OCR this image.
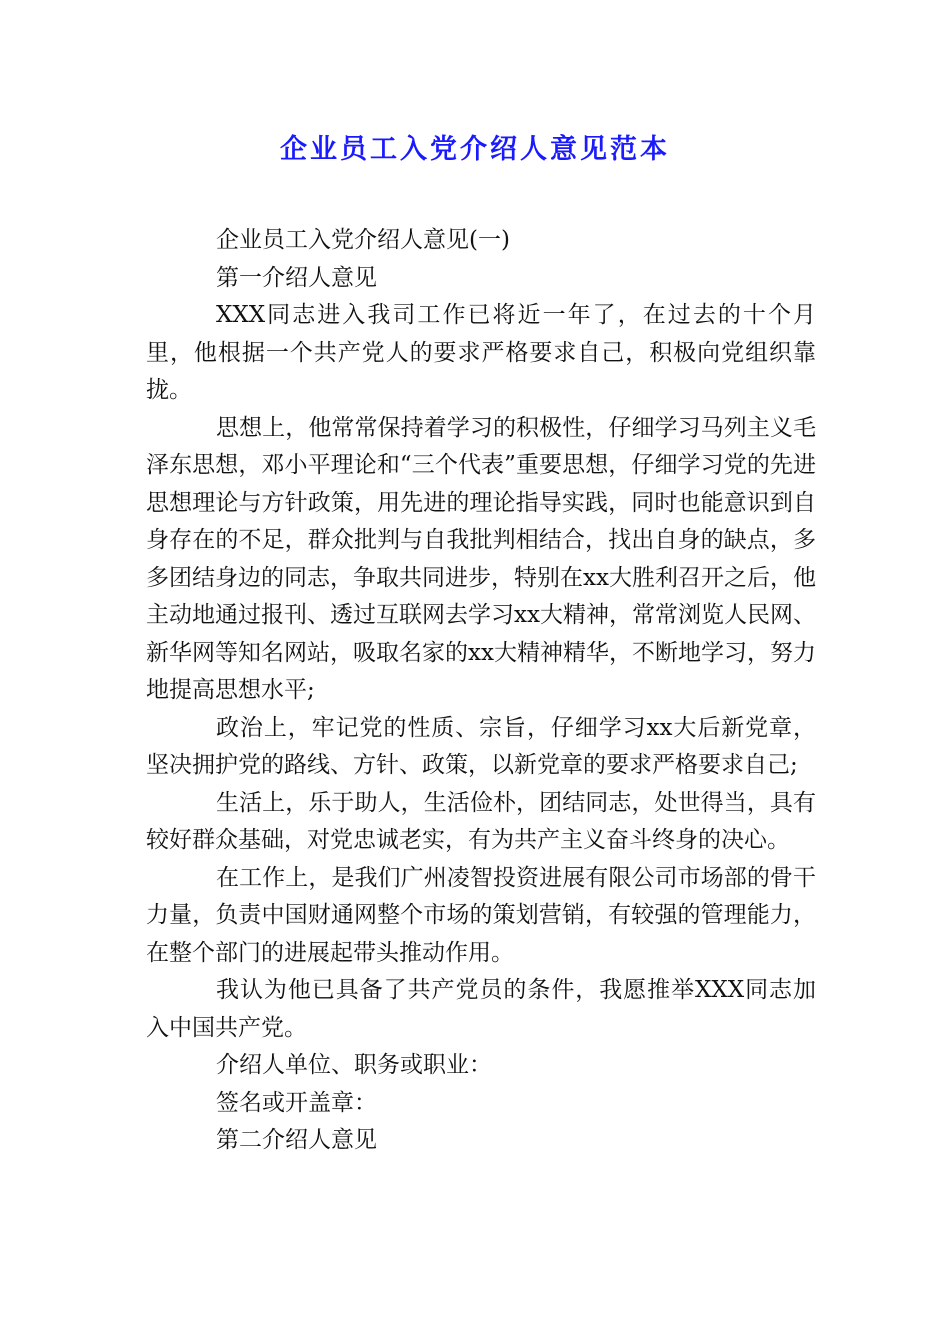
企业员工入党介绍人意见范本

企业员工入党介绍人意见(一)

第一介绍人意见

XXX同志进入我司工作已将近一年了，在过去的十个月里，他根据一个共产党人的要求严格要求自己，积极向党组织靠拢。

思想上，他常常保持着学习的积极性，仔细学习马列主义毛泽东思想，邓小平理论和“三个代表”重要思想，仔细学习党的先进思想理论与方针政策，用先进的理论指导实践，同时也能意识到自身存在的不足，群众批判与自我批判相结合，找出自身的缺点，多多团结身边的同志，争取共同进步，特别在xx大胜利召开之后，他主动地通过报刊、透过互联网去学习xx大精神，常常浏览人民网、新华网等知名网站，吸取名家的xx大精神精华，不断地学习，努力地提高思想水平;

政治上，牢记党的性质、宗旨，仔细学习xx大后新党章，坚决拥护党的路线、方针、政策，以新党章的要求严格要求自己;

生活上，乐于助人，生活俭朴，团结同志，处世得当，具有较好群众基础，对党忠诚老实，有为共产主义奋斗终身的决心。

在工作上，是我们广州凌智投资进展有限公司市场部的骨干力量，负责中国财通网整个市场的策划营销，有较强的管理能力，在整个部门的进展起带头推动作用。

我认为他已具备了共产党员的条件，我愿推举XXX同志加入中国共产党。

介绍人单位、职务或职业：

签名或开盖章：

第二介绍人意见
